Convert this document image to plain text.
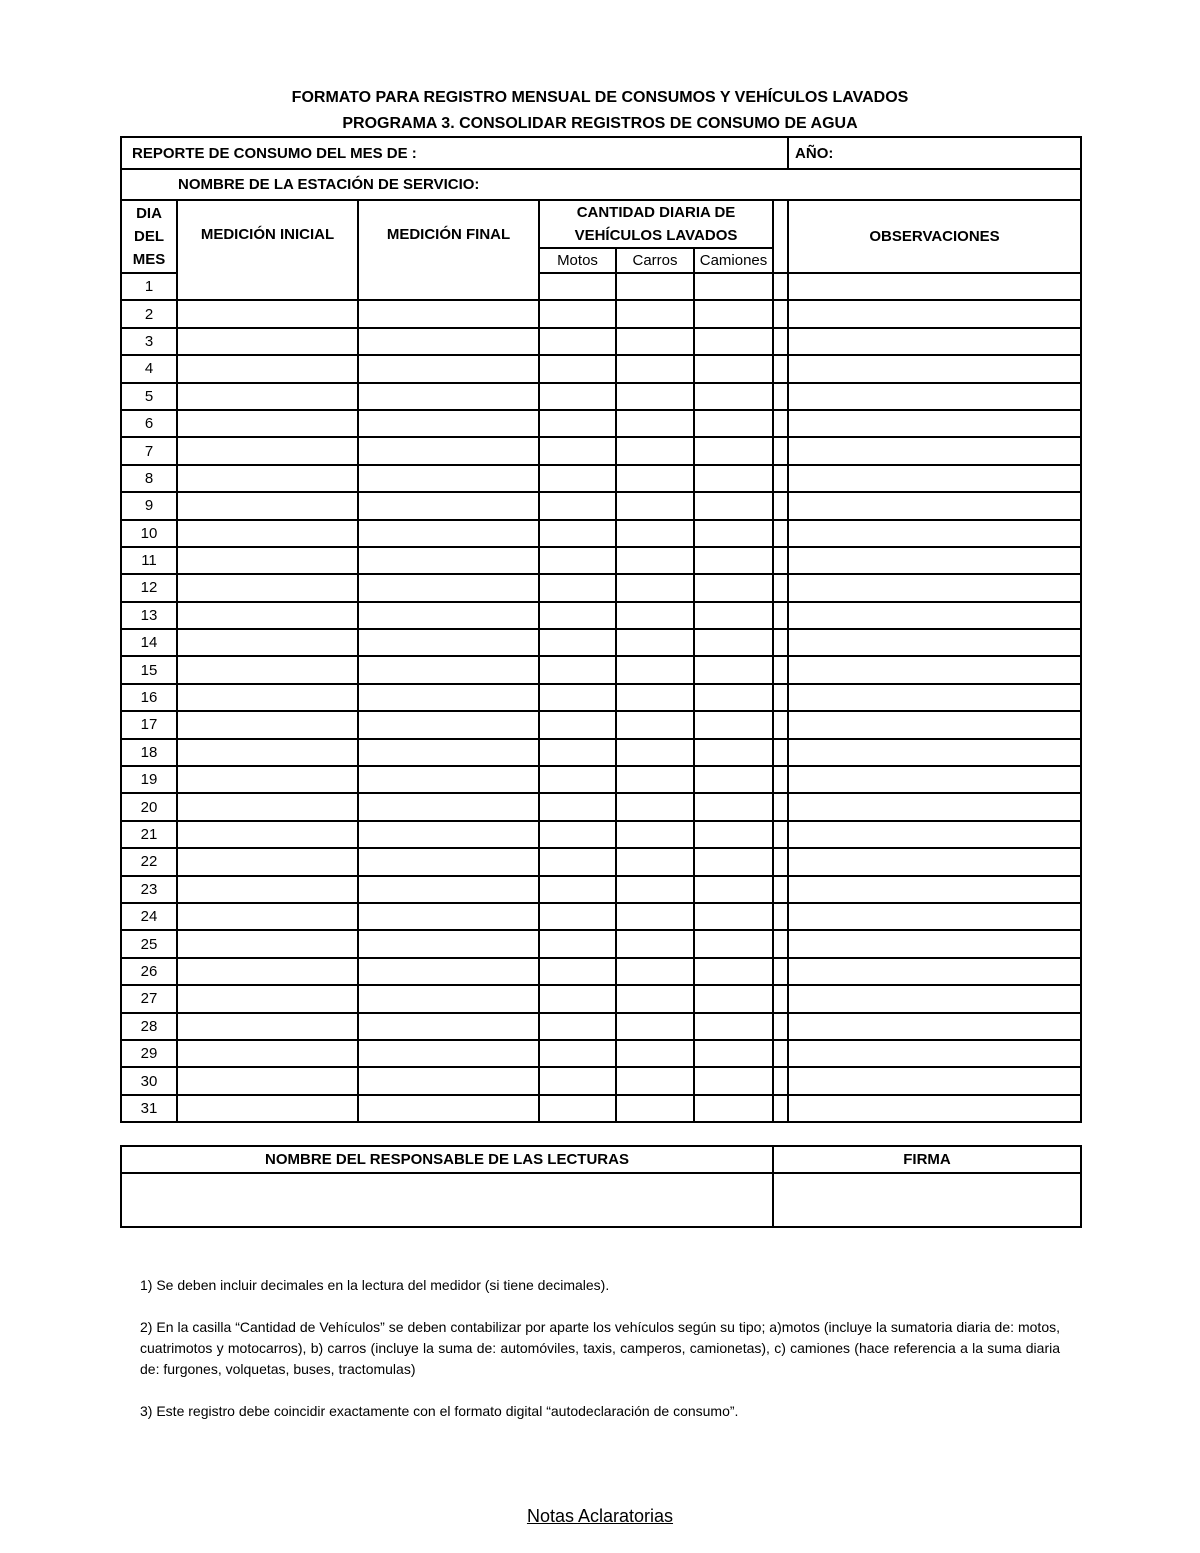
FORMATO PARA REGISTRO MENSUAL DE CONSUMOS Y VEHÍCULOS LAVADOS
PROGRAMA 3. CONSOLIDAR REGISTROS DE CONSUMO DE AGUA
REPORTE DE CONSUMO DEL MES DE :							AÑO:
NOMBRE DE LA ESTACIÓN DE SERVICIO:							
DIA DEL MES	MEDICIÓN INICIAL	MEDICIÓN FINAL	CANTIDAD DIARIA DE VEHÍCULOS LAVADOS				OBSERVACIONES
			Motos	Carros	Camiones		
1							
2							
3							
4							
5							
6							
7							
8							
9							
10							
11							
12							
13							
14							
15							
16							
17							
18							
19							
20							
21							
22							
23							
24							
25							
26							
27							
28							
29							
30							
31							
NOMBRE DEL RESPONSABLE DE LAS LECTURAS	FIRMA

1) Se deben incluir decimales en la lectura del medidor (si tiene decimales).
2) En la casilla “Cantidad de Vehículos” se deben contabilizar por aparte los vehículos según su tipo; a)motos (incluye la sumatoria diaria de: motos, cuatrimotos y motocarros), b) carros (incluye la suma de: automóviles, taxis, camperos, camionetas), c) camiones (hace referencia a la suma diaria de: furgones, volquetas, buses, tractomulas)
3) Este registro debe coincidir exactamente con el formato digital “autodeclaración de consumo”.
Notas Aclaratorias
